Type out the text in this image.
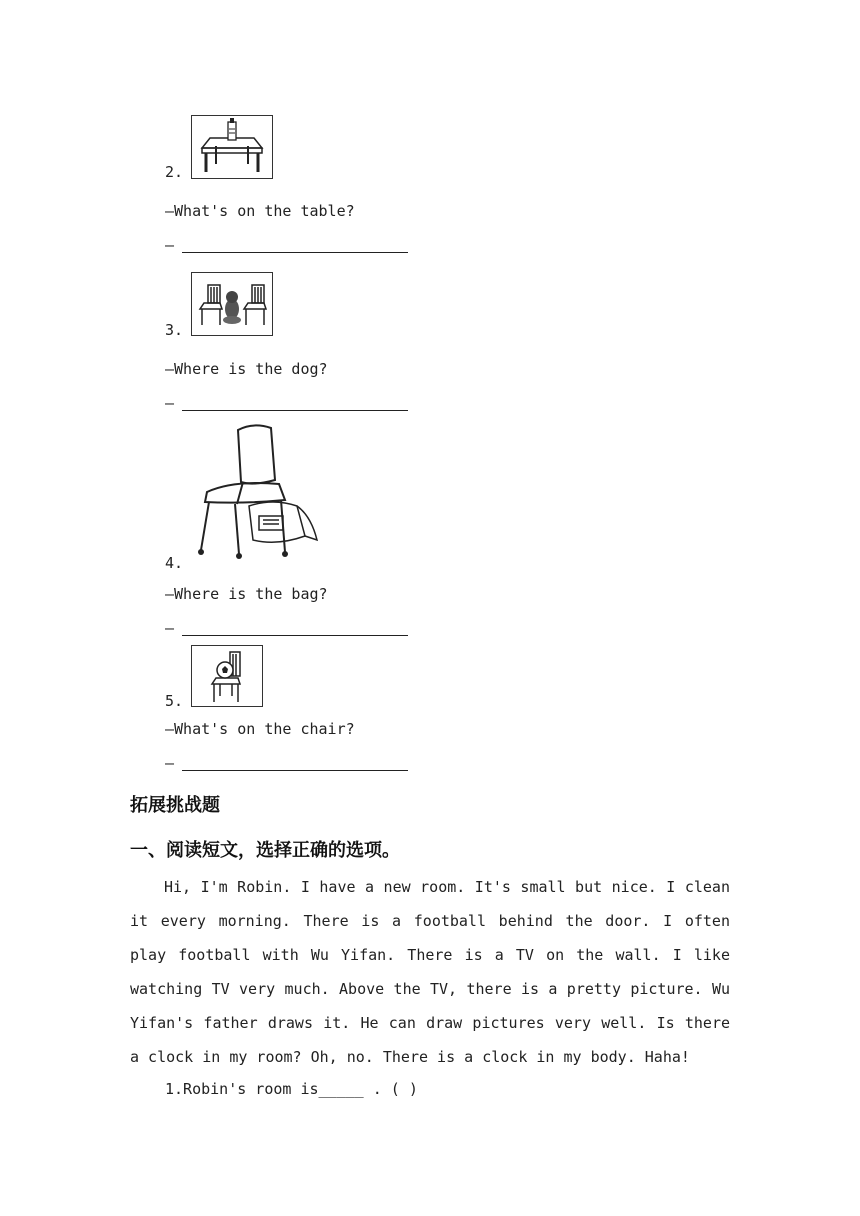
2.
—What's on the table?
—
3.
—Where is the dog?
—
4.
—Where is the bag?
—
5.
—What's on the chair?
—
拓展挑战题
一、阅读短文，选择正确的选项。
Hi, I'm Robin. I have a new room. It's small but nice. I clean it every morning. There is a football behind the door. I often play football with Wu Yifan. There is a TV on the wall. I like watching TV very much. Above the TV, there is a pretty picture. Wu Yifan's father draws it. He can draw pictures very well. Is there a clock in my room? Oh, no. There is a clock in my body. Haha!
1.Robin's room is_____ . ( )
